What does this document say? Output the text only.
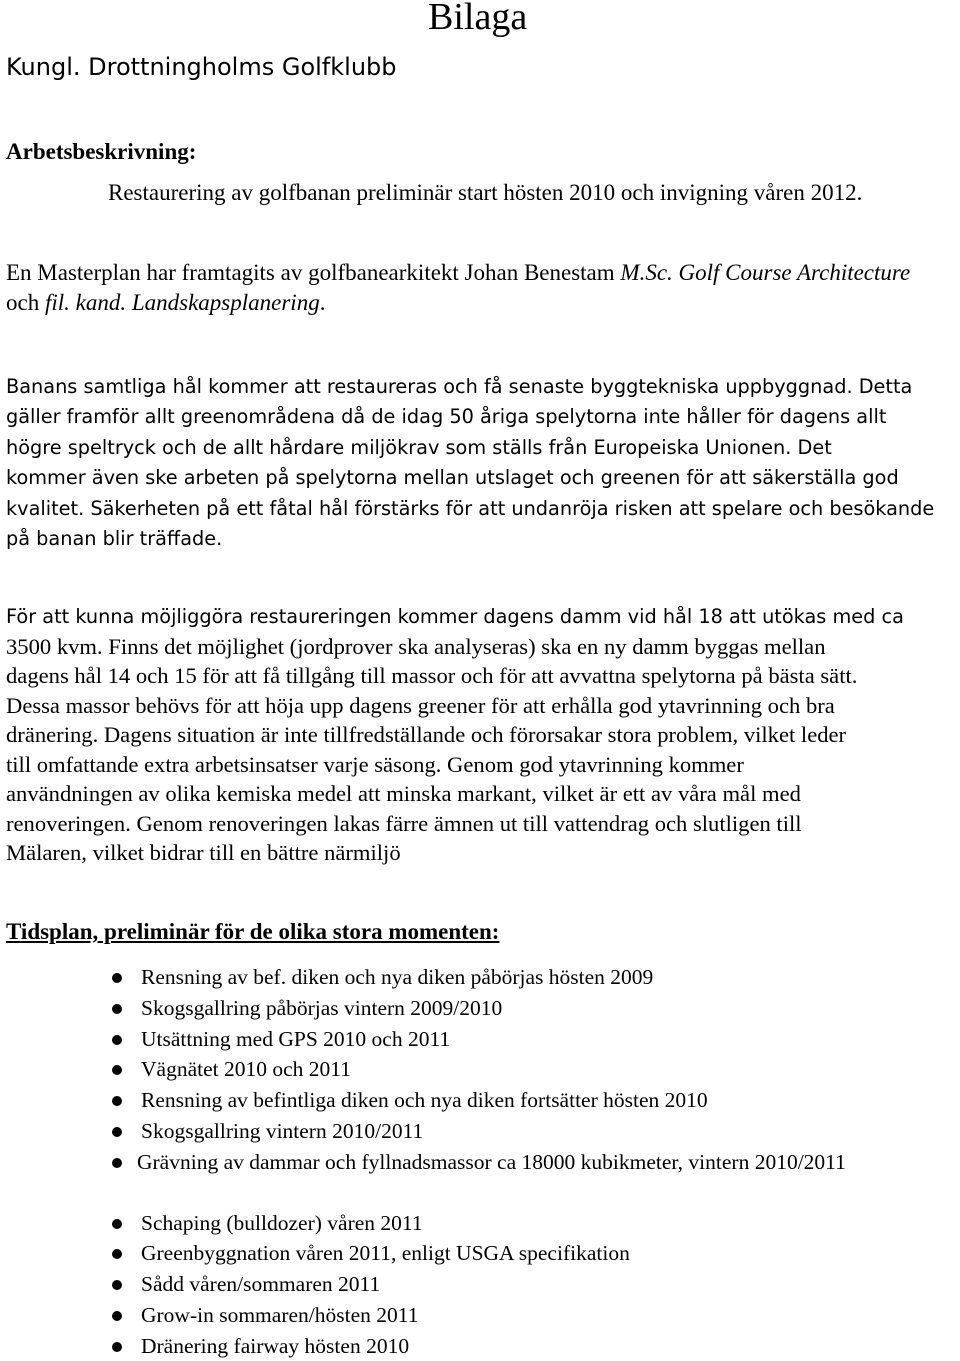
Bilaga
Kungl. Drottningholms Golfklubb
Arbetsbeskrivning:
Restaurering av golfbanan preliminär start hösten 2010 och invigning våren 2012.
En Masterplan har framtagits av golfbanearkitekt Johan Benestam M.Sc. Golf Course Architecture och fil. kand. Landskapsplanering.
Banans samtliga hål kommer att restaureras och få senaste byggtekniska uppbyggnad. Detta
gäller framför allt greenområdena då de idag 50 åriga spelytorna inte håller för dagens allt
högre speltryck och de allt hårdare miljökrav som ställs från Europeiska Unionen. Det
kommer även ske arbeten på spelytorna mellan utslaget och greenen för att säkerställa god
kvalitet. Säkerheten på ett fåtal hål förstärks för att undanröja risken att spelare och besökande
på banan blir träffade.
För att kunna möjliggöra restaureringen kommer dagens damm vid hål 18 att utökas med ca
3500 kvm. Finns det möjlighet (jordprover ska analyseras) ska en ny damm byggas mellan
dagens hål 14 och 15 för att få tillgång till massor och för att avvattna spelytorna på bästa sätt.
Dessa massor behövs för att höja upp dagens greener för att erhålla god ytavrinning och bra
dränering. Dagens situation är inte tillfredställande och förorsakar stora problem, vilket leder
till omfattande extra arbetsinsatser varje säsong. Genom god ytavrinning kommer
användningen av olika kemiska medel att minska markant, vilket är ett av våra mål med
renoveringen. Genom renoveringen lakas färre ämnen ut till vattendrag och slutligen till
Mälaren, vilket bidrar till en bättre närmiljö
Tidsplan, preliminär för de olika stora momenten:
Rensning av bef. diken och nya diken påbörjas hösten 2009
Skogsgallring påbörjas vintern 2009/2010
Utsättning med GPS 2010 och 2011
Vägnätet 2010 och 2011
Rensning av befintliga diken och nya diken fortsätter hösten 2010
Skogsgallring vintern 2010/2011
Grävning av dammar och fyllnadsmassor ca 18000 kubikmeter, vintern 2010/2011
Schaping (bulldozer) våren 2011
Greenbyggnation våren 2011, enligt USGA specifikation
Sådd våren/sommaren 2011
Grow-in sommaren/hösten 2011
Dränering fairway hösten 2010
